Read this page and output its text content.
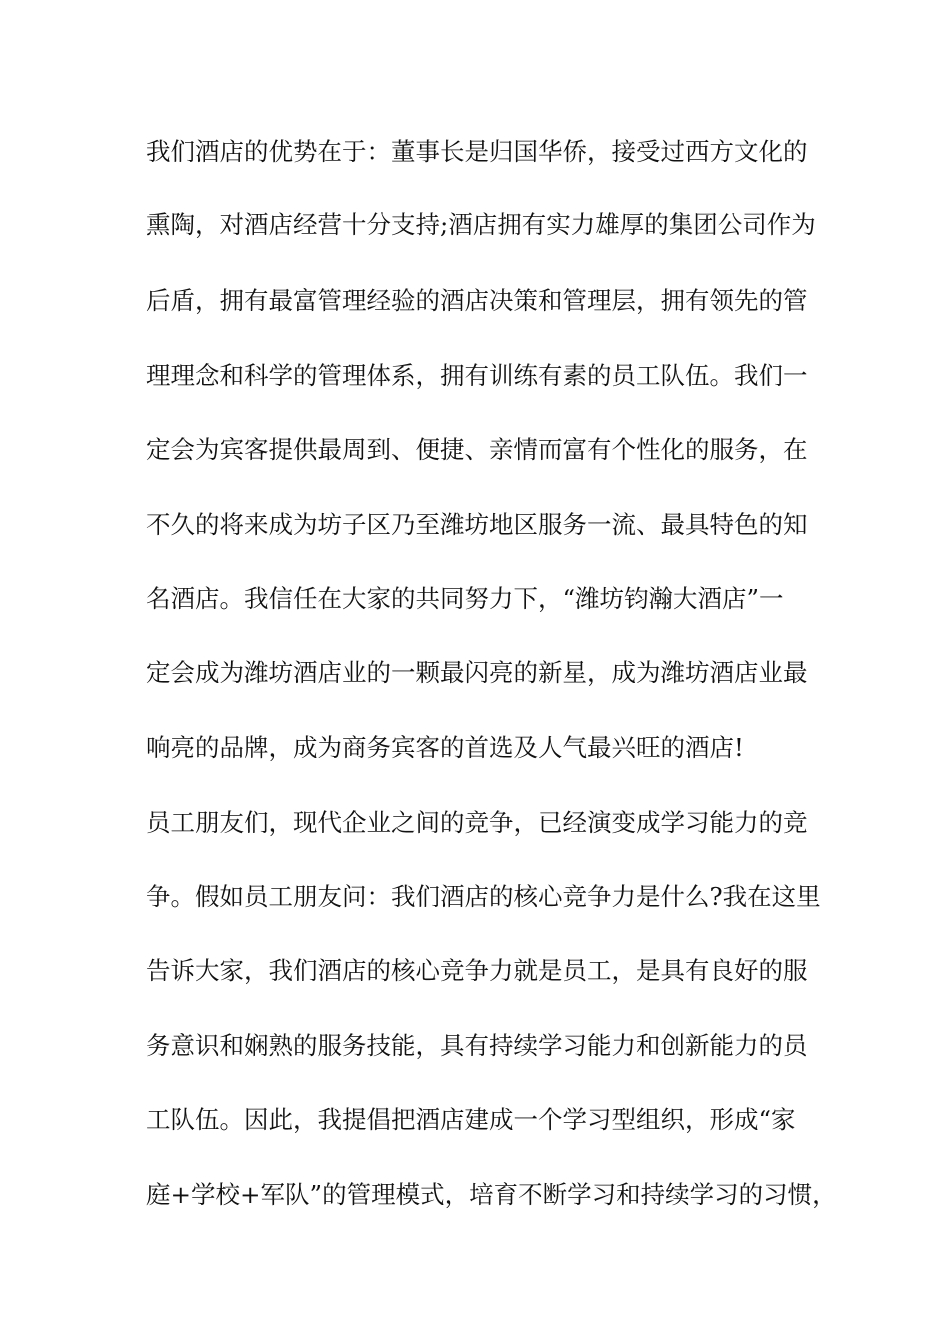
我们酒店的优势在于：董事长是归国华侨，接受过西方文化的
熏陶，对酒店经营十分支持;酒店拥有实力雄厚的集团公司作为
后盾，拥有最富管理经验的酒店决策和管理层，拥有领先的管
理理念和科学的管理体系，拥有训练有素的员工队伍。我们一
定会为宾客提供最周到、便捷、亲情而富有个性化的服务，在
不久的将来成为坊子区乃至潍坊地区服务一流、最具特色的知
名酒店。我信任在大家的共同努力下，“潍坊钧瀚大酒店”一
定会成为潍坊酒店业的一颗最闪亮的新星，成为潍坊酒店业最
响亮的品牌，成为商务宾客的首选及人气最兴旺的酒店!
员工朋友们，现代企业之间的竞争，已经演变成学习能力的竞
争。假如员工朋友问：我们酒店的核心竞争力是什么?我在这里
告诉大家，我们酒店的核心竞争力就是员工，是具有良好的服
务意识和娴熟的服务技能，具有持续学习能力和创新能力的员
工队伍。因此，我提倡把酒店建成一个学习型组织，形成“家
庭+学校+军队”的管理模式，培育不断学习和持续学习的习惯，
